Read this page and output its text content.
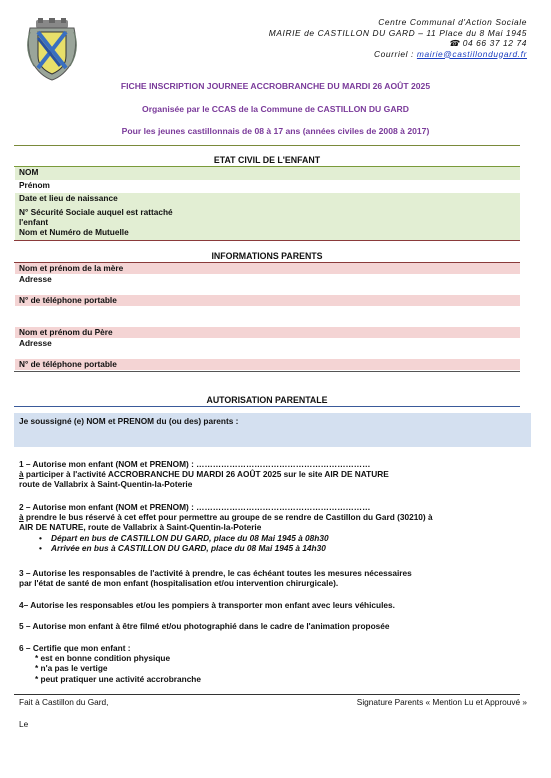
Centre Communal d'Action Sociale
MAIRIE de CASTILLON DU GARD – 11 Place du 8 Mai 1945
☎ 04 66 37 12 74
Courriel : mairie@castillondugard.fr
FICHE INSCRIPTION JOURNEE ACCROBRANCHE DU MARDI 26 AOÛT 2025
Organisée par le CCAS de la Commune de CASTILLON DU GARD
Pour les jeunes castillonnais de 08 à 17 ans (années civiles de 2008 à 2017)
ETAT CIVIL DE L'ENFANT
NOM
Prénom
Date et lieu de naissance
N° Sécurité Sociale auquel est rattaché
l'enfant
Nom et Numéro de Mutuelle
INFORMATIONS PARENTS
Nom et prénom de la mère
Adresse
N° de téléphone portable
Nom et prénom du Père
Adresse
N° de téléphone portable
AUTORISATION PARENTALE
Je soussigné (e) NOM et PRENOM du (ou des) parents :
1 – Autorise mon enfant (NOM et PRENOM) : ………………………………………………………
à participer à l'activité ACCROBRANCHE DU MARDI 26 AOÛT 2025 sur le site AIR DE NATURE
route de Vallabrix à Saint-Quentin-la-Poterie
2 – Autorise mon enfant (NOM et PRENOM) : ………………………………………………………
à prendre le bus réservé à cet effet pour permettre au groupe de se rendre de Castillon du Gard (30210) à
AIR DE NATURE, route de Vallabrix à Saint-Quentin-la-Poterie
• Départ en bus de CASTILLON DU GARD, place du 08 Mai 1945 à 08h30
• Arrivée en bus à CASTILLON DU GARD, place du 08 Mai 1945 à 14h30
3 – Autorise les responsables de l'activité à prendre, le cas échéant toutes les mesures nécessaires
par l'état de santé de mon enfant (hospitalisation et/ou intervention chirurgicale).
4– Autorise les responsables et/ou les pompiers à transporter mon enfant avec leurs véhicules.
5 – Autorise mon enfant à être filmé et/ou photographié dans le cadre de l'animation proposée
6 – Certifie que mon enfant :
* est en bonne condition physique
* n'a pas le vertige
* peut pratiquer une activité accrobranche
Fait à Castillon du Gard,	Signature Parents « Mention Lu et Approuvé »
Le
